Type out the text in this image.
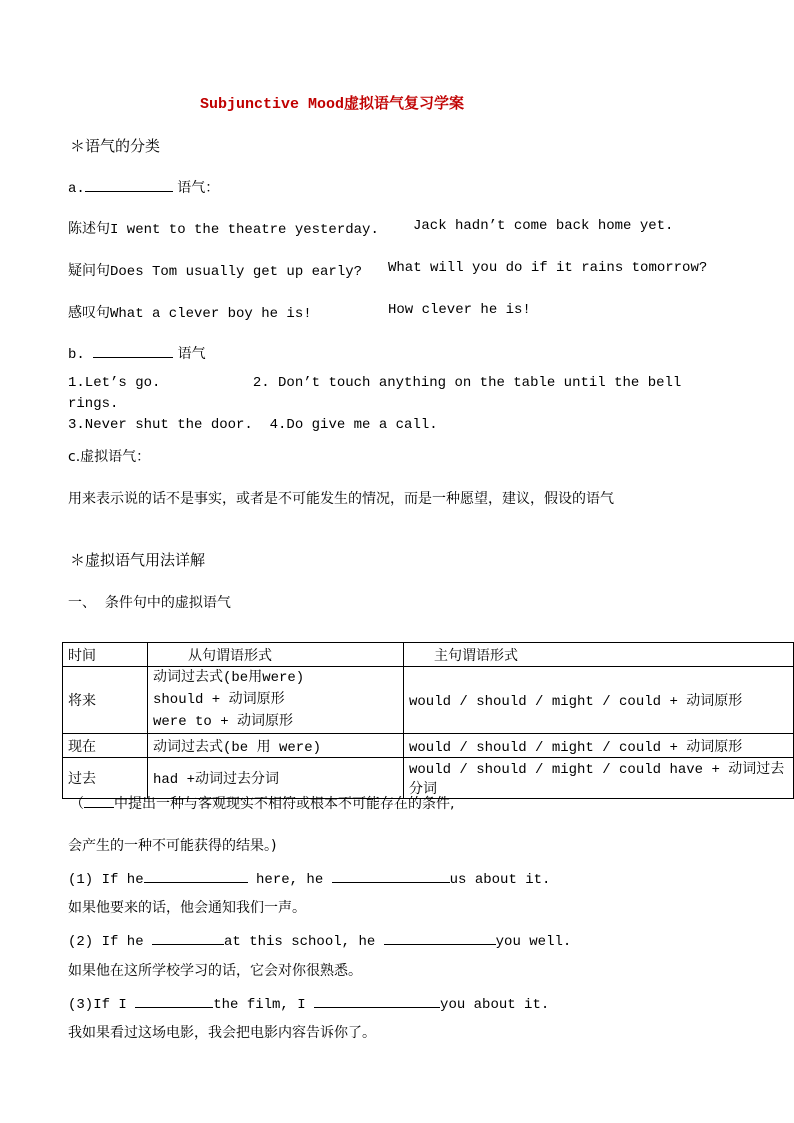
Subjunctive Mood虚拟语气复习学案
＊语气的分类
a.	语气：
陈述句I went to the theatre yesterday. Jack hadn’t come back home yet.
疑问句Does Tom usually get up early? What will you do if it rains tomorrow?
感叹句What a clever boy he is!	How clever he is!
b.	语气
1.Let’s go.           2. Don’t touch anything on the table until the bell
rings.
3.Never shut the door.  4.Do give me a call.
c.虚拟语气：
用来表示说的话不是事实，或者是不可能发生的情况，而是一种愿望，建议，假设的语气
＊虚拟语气用法详解
一、  条件句中的虚拟语气
时间	从句谓语形式	主句谓语形式
将来	动词过去式(be用were)
should + 动词原形
were to + 动词原形	would / should / might / could + 动词原形
现在	动词过去式(be 用 were)	would / should / might / could + 动词原形
过去	had +动词过去分词	would / should / might / could have + 动词过去分词
（ 中提出一种与客观现实不相符或根本不可能存在的条件,
会产生的一种不可能获得的结果。)
(1) If he	here, he	us about it.
如果他要来的话，他会通知我们一声。
(2) If he	at this school, he	you well.
如果他在这所学校学习的话，它会对你很熟悉。
(3)If I	the film, I	you about it.
我如果看过这场电影，我会把电影内容告诉你了。
